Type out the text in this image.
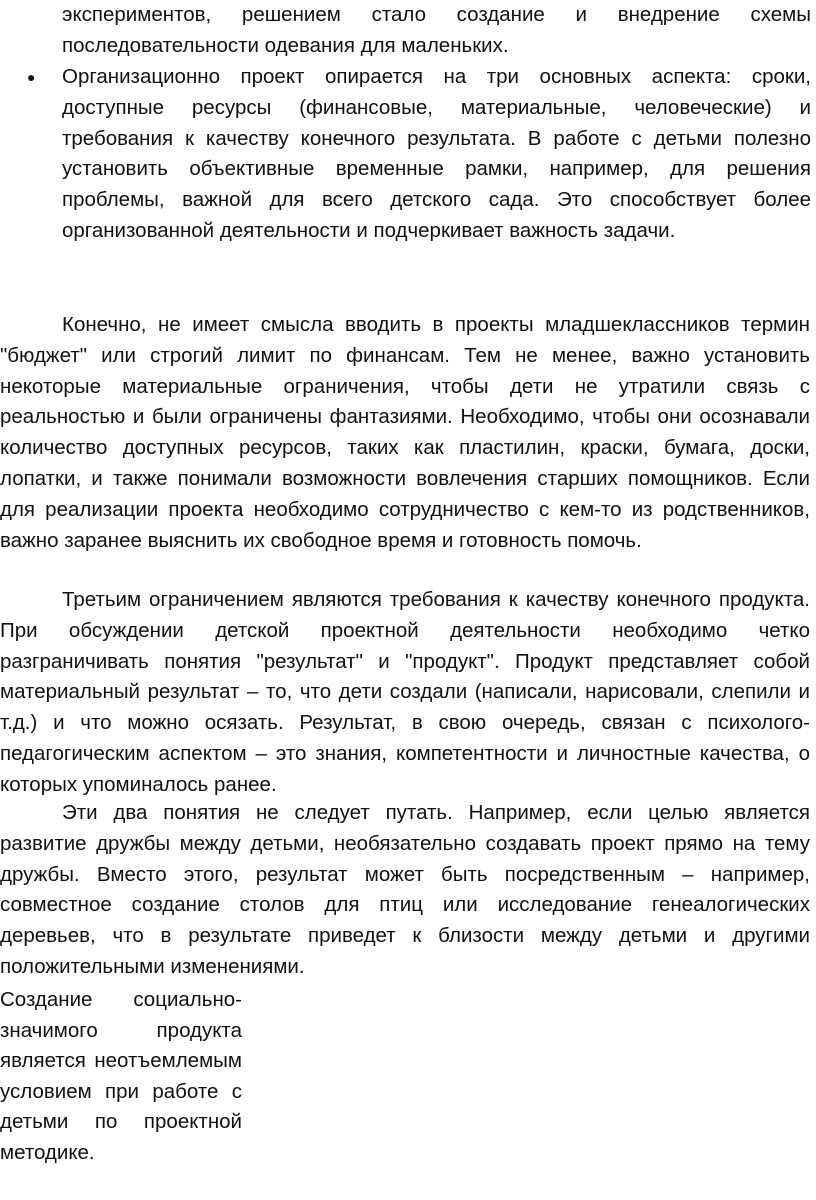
экспериментов, решением стало создание и внедрение схемы последовательности одевания для маленьких.
● Организационно проект опирается на три основных аспекта: сроки, доступные ресурсы (финансовые, материальные, человеческие) и требования к качеству конечного результата. В работе с детьми полезно установить объективные временные рамки, например, для решения проблемы, важной для всего детского сада. Это способствует более организованной деятельности и подчеркивает важность задачи.
Конечно, не имеет смысла вводить в проекты младшеклассников термин "бюджет" или строгий лимит по финансам. Тем не менее, важно установить некоторые материальные ограничения, чтобы дети не утратили связь с реальностью и были ограничены фантазиями. Необходимо, чтобы они осознавали количество доступных ресурсов, таких как пластилин, краски, бумага, доски, лопатки, и также понимали возможности вовлечения старших помощников. Если для реализации проекта необходимо сотрудничество с кем-то из родственников, важно заранее выяснить их свободное время и готовность помочь.
Третьим ограничением являются требования к качеству конечного продукта. При обсуждении детской проектной деятельности необходимо четко разграничивать понятия "результат" и "продукт". Продукт представляет собой материальный результат – то, что дети создали (написали, нарисовали, слепили и т.д.) и что можно осязать. Результат, в свою очередь, связан с психолого-педагогическим аспектом – это знания, компетентности и личностные качества, о которых упоминалось ранее.
Эти два понятия не следует путать. Например, если целью является развитие дружбы между детьми, необязательно создавать проект прямо на тему дружбы. Вместо этого, результат может быть посредственным – например, совместное создание столов для птиц или исследование генеалогических деревьев, что в результате приведет к близости между детьми и другими положительными изменениями.
Создание социально-значимого продукта является неотъемлемым условием при работе с детьми по проектной методике.
